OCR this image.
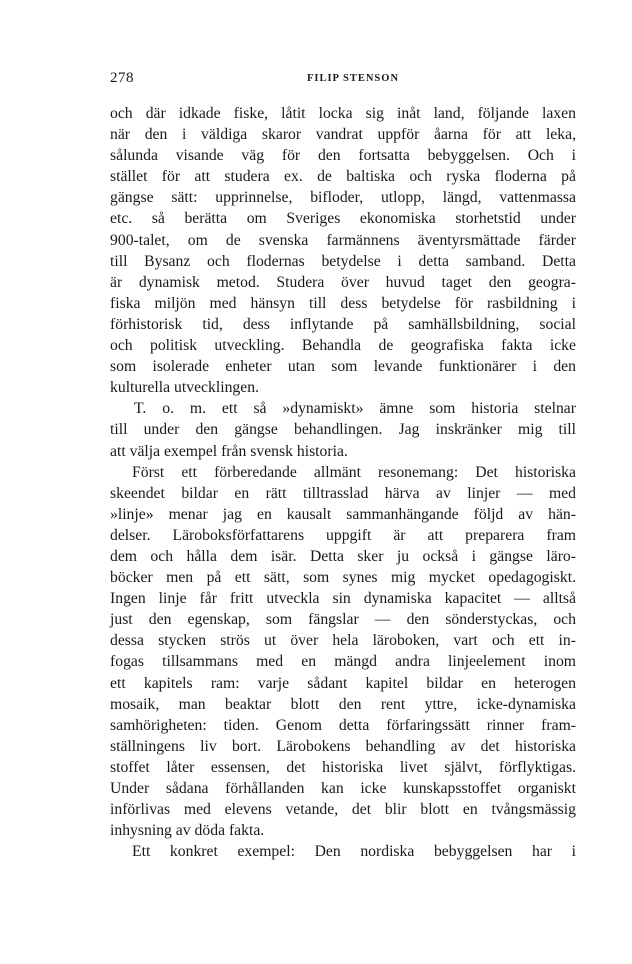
278	FILIP STENSON
och där idkade fiske, låtit locka sig inåt land, följande laxen
när den i väldiga skaror vandrat uppför åarna för att leka,
sålunda visande väg för den fortsatta bebyggelsen. Och i
stället för att studera ex. de baltiska och ryska floderna på
gängse sätt: upprinnelse, bifloder, utlopp, längd, vattenmassa
etc. så berätta om Sveriges ekonomiska storhetstid under
900-talet, om de svenska farmännens äventyrsmättade färder
till Bysanz och flodernas betydelse i detta samband. Detta
är dynamisk metod. Studera över huvud taget den geogra-
fiska miljön med hänsyn till dess betydelse för rasbildning i
förhistorisk tid, dess inflytande på samhällsbildning, social
och politisk utveckling. Behandla de geografiska fakta icke
som isolerade enheter utan som levande funktionärer i den
kulturella utvecklingen.
T. o. m. ett så »dynamiskt» ämne som historia stelnar
till under den gängse behandlingen. Jag inskränker mig till
att välja exempel från svensk historia.
Först ett förberedande allmänt resonemang: Det historiska
skeendet bildar en rätt tilltrasslad härva av linjer — med
»linje» menar jag en kausalt sammanhängande följd av hän-
delser. Läroboksförfattarens uppgift är att preparera fram
dem och hålla dem isär. Detta sker ju också i gängse läro-
böcker men på ett sätt, som synes mig mycket opedagogiskt.
Ingen linje får fritt utveckla sin dynamiska kapacitet — alltså
just den egenskap, som fängslar — den sönderstyckas, och
dessa stycken strös ut över hela läroboken, vart och ett in-
fogas tillsammans med en mängd andra linjeelement inom
ett kapitels ram: varje sådant kapitel bildar en heterogen
mosaik, man beaktar blott den rent yttre, icke-dynamiska
samhörigheten: tiden. Genom detta förfaringssätt rinner fram-
ställningens liv bort. Lärobokens behandling av det historiska
stoffet låter essensen, det historiska livet självt, förflyktigas.
Under sådana förhållanden kan icke kunskapsstoffet organiskt
införlivas med elevens vetande, det blir blott en tvångsmässig
inhysning av döda fakta.
Ett konkret exempel: Den nordiska bebyggelsen har i
